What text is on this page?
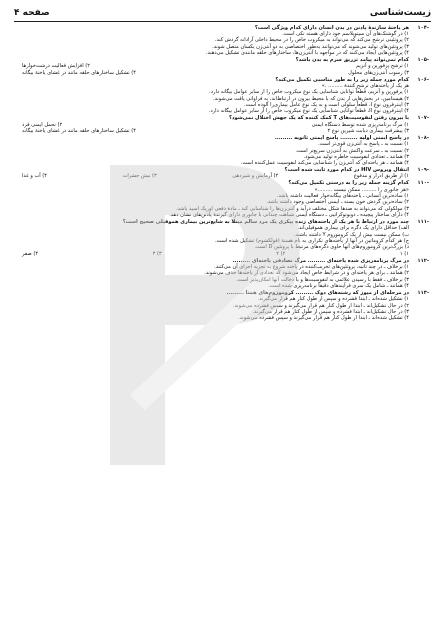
زیست‌شناسی
صفحه ۴
-۱۰۴
هر یاختهٔ سازندهٔ پادتن در بدن انسان دارای کدام ویژگی است؟
۱) در گوشتک‌های آن سیتوپلاسم خود دارای هسته تکی است.
۲) پروتئینی ترشح می‌کند که می‌تواند به میکروب خاص را در محیط داخلی آزادانه گردش کند.
۳) پروتئین‌های تولید می‌شوند که می‌توانند به‌طور اختصاصی به دو آنتی‌ژن یکسان متصل شوند.
۴) پروتئین‌هایی ایجاد می‌کنند که در مواجهه با آنتی‌ژن‌ها، ساختارهای حلقه مانندی تشکیل می‌دهند.
-۱۰۵
کدام تمی‌تواند پیامد تزریق سرم به بدن باشد؟
۱) ترشح پرفورین و آنزیم
۲) افزایش فعالیت درشت‌خوارها
۳) رسوب آنتی‌ژن‌های محلول
۴) تشکیل ساختارهای حلقه مانند در غشای یاختهٔ بیگانه
-۱۰۶
کدام مورد جمله زیر را به طور مناسبی تکمیل می‌کند؟
هر یک از یاخته‌های ترشح کنندهٔ ......... .»
۱) پرفورین و آنزیم، قطعاً توانایی شناسایی یک نوع میکروب خاص را از سایر عوامل بیگانه دارد.
۲) هیستامین، در بخش‌هایی از بدن که با محیط بیرون در ارتباط‌اند، به فراوانی یافت می‌شوند.
۳) اینترفرون نوع I، قطعاً سلولی است و به یک نوع عامل بیماری‌زا آلوده است.
۴) اینترفرون نوع II، قطعاً توانایی شناسایی یک نوع میکروب خاص را از سایر عوامل بیگانه دارد.
-۱۰۷
با بیرون رفتن لنفوسیت‌های T کمک کننده که یک جهش اختلال نمی‌شود؟
۱) مرگ برنامه‌ریزی شده توسط دستگاه ایمنی
۲) تحمل ایمنی فرد
۳) پیشرفت بیماری دیابت شیرین نوع ۲
۴) تشکیل ساختارهای حلقه مانند در غشای یاختهٔ بیگانه
-۱۰۸
در پاسخ ایمنی اولیه ......... پاسخ ایمنی ثانویه .........
۱) نسبت به ـ پاسخ به آنتی‌ژن قوی‌تر است.
۲) نسبت به ـ سرعت واکنش به آنتی‌ژن سریع‌تر است.
۳) همانند ـ تعدادی لنفوسیت خاطره تولید می‌شود.
۴) همانند ـ هر یاخته‌ای که آنتی‌ژن را شناسایی می‌کند لنفوسیت عمل‌کننده است.
-۱۰۹
انتقال ویروس HIV در کدام مورد ثابت شده است؟
۱) از طریق ادرار و مدفوع
۲) آزمایش و شیردهی
۳) نیش حشرات
۴) آب و غذا
-۱۱۰
کدام گزینه جمله زیر را به درستی تکمیل می‌کند؟
«هر جانوری را ......... ممکن نیست .........»
۱) ساده‌ترین انسانی ـ یاخته‌های بیگانه‌خوار فعالیت داشته باشد.
۲) ساده‌ترین گردش خون بسته ـ ایمنی اختصاصی وجود داشته باشد.
۳) مولکولی که می‌تواند به صدها شکل مختلف درآید و آنتی‌ژن‌ها را شناسایی کند ـ مادهٔ دفعی اوریک اسید باشد.
۴) دارای ساختار پیچیده ـ دوبوتوکراتیی ـ دستگاه ایمنی شباهت چندانی با جانوری دارای گیرندهٔ پادتن‌های نشان دهد.
-۱۱۱
چند مورد در ارتباط با هر یک از یاخته‌های زنده پیکری یک مرد سالم مبتلا به شایع‌ترین بیماری هموفیلی صحیح است؟
الف) حداقل دارای یک دگره برای بیماری هموفیلی‌اند.
ب) ممکن نیست بیش از یک کروموزوم Y داشته باشند.
ج) هر کدام کروماتین در آنها از یاخته‌های تکراری به نام هستهٔ (فولکشوم) تشکیل شده است.
د) بزرگ‌ترین کروموزوم‌های آنها حاوی دگره‌های مرتبط با پروتئین D است.
۱) ۱
۲) ۲
۳) ۳
۴) صفر
-۱۱۲
در مرگ برنامه‌ریزی شده یاخته‌ای ......... مرگ تصادفی یاخته‌ای .........
۱) برخلاف ـ در چند ثانیه، پروتئین‌های تخریب‌کننده در یاخته شروع به تجزیه اجزای آن می‌کنند.
۲) همانند ـ برای هر یاخته‌ای و در شرایط خاص ایجاد می‌شود که تعدادی از یاخته‌ها حذف می‌شوند.
۳) برخلاف ـ فقط با رسیدن علائمی به لنفوسیت‌ها و یا دخالت آنها امکان‌پذیر است.
۴) همانند ـ شامل یک سری فرآیندهای دقیقاً برنامه‌ریزی شده است.
-۱۱۳
در مرحله‌ای از میوز که رشته‌های دوک ......... کروموزوم‌های همتا .........
۱) تشکیل شده‌اند ـ ابتدا فشرده و سپس از طول کنار هم قرار می‌گیرند.
۲) در حال تشکیل‌اند ـ ابتدا از طول کنار هم قرار می‌گیرند و سپس فشرده می‌شوند.
۳) در حال تشکیل‌اند ـ ابتدا فشرده و سپس از طول کنار هم قرار می‌گیرند.
۴) تشکیل شده‌اند ـ ابتدا از طول کنار هم قرار می‌گیرند و سپس فشرده می‌شوند.
